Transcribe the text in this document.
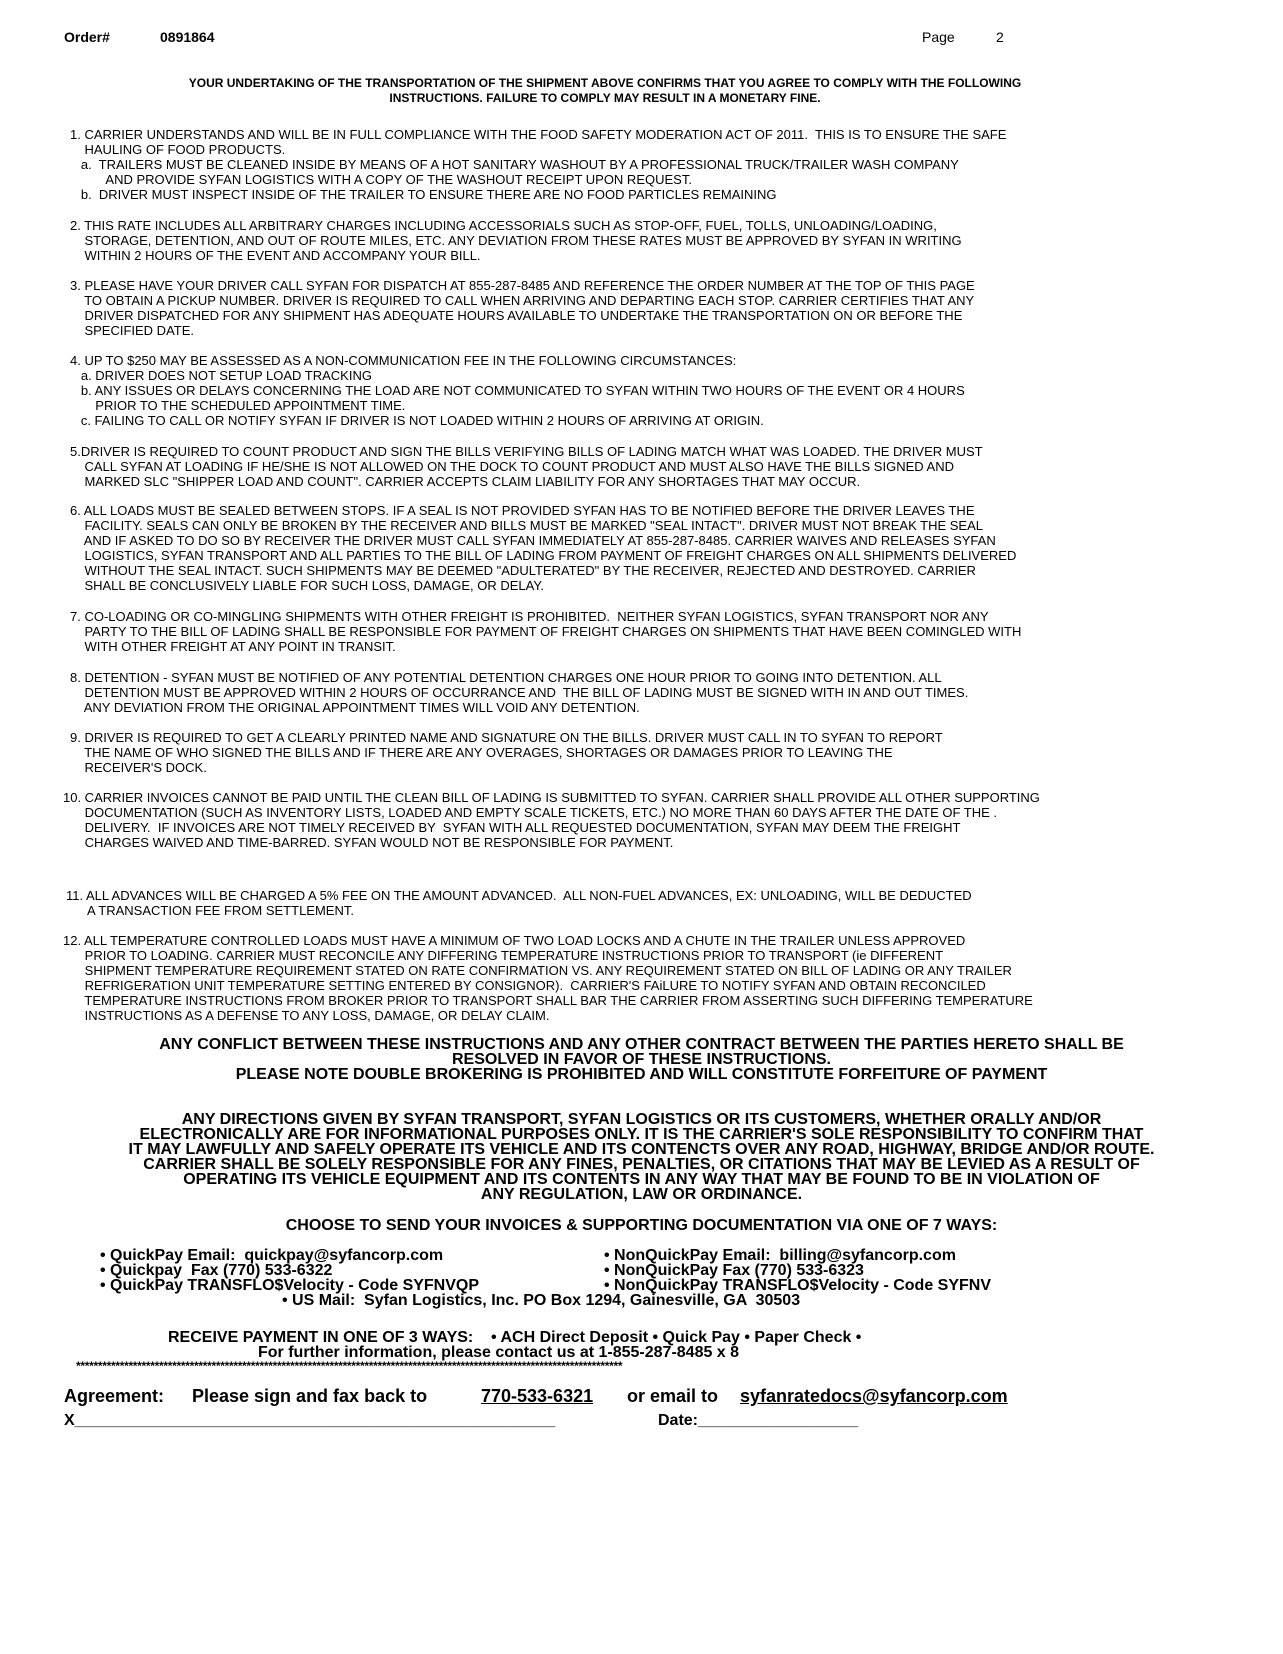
Order#	0891864	Page	2
YOUR UNDERTAKING OF THE TRANSPORTATION OF THE SHIPMENT ABOVE CONFIRMS THAT YOU AGREE TO COMPLY WITH THE FOLLOWING
INSTRUCTIONS. FAILURE TO COMPLY MAY RESULT IN A MONETARY FINE.
1. CARRIER UNDERSTANDS AND WILL BE IN FULL COMPLIANCE WITH THE FOOD SAFETY MODERATION ACT OF 2011.  THIS IS TO ENSURE THE SAFE
HAULING OF FOOD PRODUCTS.
a.  TRAILERS MUST BE CLEANED INSIDE BY MEANS OF A HOT SANITARY WASHOUT BY A PROFESSIONAL TRUCK/TRAILER WASH COMPANY
AND PROVIDE SYFAN LOGISTICS WITH A COPY OF THE WASHOUT RECEIPT UPON REQUEST.
b.  DRIVER MUST INSPECT INSIDE OF THE TRAILER TO ENSURE THERE ARE NO FOOD PARTICLES REMAINING
2. THIS RATE INCLUDES ALL ARBITRARY CHARGES INCLUDING ACCESSORIALS SUCH AS STOP-OFF, FUEL, TOLLS, UNLOADING/LOADING,
STORAGE, DETENTION, AND OUT OF ROUTE MILES, ETC. ANY DEVIATION FROM THESE RATES MUST BE APPROVED BY SYFAN IN WRITING
WITHIN 2 HOURS OF THE EVENT AND ACCOMPANY YOUR BILL.
3. PLEASE HAVE YOUR DRIVER CALL SYFAN FOR DISPATCH AT 855-287-8485 AND REFERENCE THE ORDER NUMBER AT THE TOP OF THIS PAGE
TO OBTAIN A PICKUP NUMBER. DRIVER IS REQUIRED TO CALL WHEN ARRIVING AND DEPARTING EACH STOP. CARRIER CERTIFIES THAT ANY
DRIVER DISPATCHED FOR ANY SHIPMENT HAS ADEQUATE HOURS AVAILABLE TO UNDERTAKE THE TRANSPORTATION ON OR BEFORE THE
SPECIFIED DATE.
4. UP TO $250 MAY BE ASSESSED AS A NON-COMMUNICATION FEE IN THE FOLLOWING CIRCUMSTANCES:
a. DRIVER DOES NOT SETUP LOAD TRACKING
b. ANY ISSUES OR DELAYS CONCERNING THE LOAD ARE NOT COMMUNICATED TO SYFAN WITHIN TWO HOURS OF THE EVENT OR 4 HOURS
PRIOR TO THE SCHEDULED APPOINTMENT TIME.
c. FAILING TO CALL OR NOTIFY SYFAN IF DRIVER IS NOT LOADED WITHIN 2 HOURS OF ARRIVING AT ORIGIN.
5.DRIVER IS REQUIRED TO COUNT PRODUCT AND SIGN THE BILLS VERIFYING BILLS OF LADING MATCH WHAT WAS LOADED. THE DRIVER MUST
CALL SYFAN AT LOADING IF HE/SHE IS NOT ALLOWED ON THE DOCK TO COUNT PRODUCT AND MUST ALSO HAVE THE BILLS SIGNED AND
MARKED SLC "SHIPPER LOAD AND COUNT". CARRIER ACCEPTS CLAIM LIABILITY FOR ANY SHORTAGES THAT MAY OCCUR.
6. ALL LOADS MUST BE SEALED BETWEEN STOPS. IF A SEAL IS NOT PROVIDED SYFAN HAS TO BE NOTIFIED BEFORE THE DRIVER LEAVES THE
FACILITY. SEALS CAN ONLY BE BROKEN BY THE RECEIVER AND BILLS MUST BE MARKED "SEAL INTACT". DRIVER MUST NOT BREAK THE SEAL
AND IF ASKED TO DO SO BY RECEIVER THE DRIVER MUST CALL SYFAN IMMEDIATELY AT 855-287-8485. CARRIER WAIVES AND RELEASES SYFAN
LOGISTICS, SYFAN TRANSPORT AND ALL PARTIES TO THE BILL OF LADING FROM PAYMENT OF FREIGHT CHARGES ON ALL SHIPMENTS DELIVERED
WITHOUT THE SEAL INTACT. SUCH SHIPMENTS MAY BE DEEMED "ADULTERATED" BY THE RECEIVER, REJECTED AND DESTROYED. CARRIER
SHALL BE CONCLUSIVELY LIABLE FOR SUCH LOSS, DAMAGE, OR DELAY.
7. CO-LOADING OR CO-MINGLING SHIPMENTS WITH OTHER FREIGHT IS PROHIBITED.  NEITHER SYFAN LOGISTICS, SYFAN TRANSPORT NOR ANY
PARTY TO THE BILL OF LADING SHALL BE RESPONSIBLE FOR PAYMENT OF FREIGHT CHARGES ON SHIPMENTS THAT HAVE BEEN COMINGLED WITH
WITH OTHER FREIGHT AT ANY POINT IN TRANSIT.
8. DETENTION - SYFAN MUST BE NOTIFIED OF ANY POTENTIAL DETENTION CHARGES ONE HOUR PRIOR TO GOING INTO DETENTION. ALL
DETENTION MUST BE APPROVED WITHIN 2 HOURS OF OCCURRANCE AND  THE BILL OF LADING MUST BE SIGNED WITH IN AND OUT TIMES.
ANY DEVIATION FROM THE ORIGINAL APPOINTMENT TIMES WILL VOID ANY DETENTION.
9. DRIVER IS REQUIRED TO GET A CLEARLY PRINTED NAME AND SIGNATURE ON THE BILLS. DRIVER MUST CALL IN TO SYFAN TO REPORT
THE NAME OF WHO SIGNED THE BILLS AND IF THERE ARE ANY OVERAGES, SHORTAGES OR DAMAGES PRIOR TO LEAVING THE
RECEIVER'S DOCK.
10. CARRIER INVOICES CANNOT BE PAID UNTIL THE CLEAN BILL OF LADING IS SUBMITTED TO SYFAN. CARRIER SHALL PROVIDE ALL OTHER SUPPORTING
DOCUMENTATION (SUCH AS INVENTORY LISTS, LOADED AND EMPTY SCALE TICKETS, ETC.) NO MORE THAN 60 DAYS AFTER THE DATE OF THE .
DELIVERY.  IF INVOICES ARE NOT TIMELY RECEIVED BY  SYFAN WITH ALL REQUESTED DOCUMENTATION, SYFAN MAY DEEM THE FREIGHT
CHARGES WAIVED AND TIME-BARRED. SYFAN WOULD NOT BE RESPONSIBLE FOR PAYMENT.
11. ALL ADVANCES WILL BE CHARGED A 5% FEE ON THE AMOUNT ADVANCED.  ALL NON-FUEL ADVANCES, EX: UNLOADING, WILL BE DEDUCTED
A TRANSACTION FEE FROM SETTLEMENT.
12. ALL TEMPERATURE CONTROLLED LOADS MUST HAVE A MINIMUM OF TWO LOAD LOCKS AND A CHUTE IN THE TRAILER UNLESS APPROVED
PRIOR TO LOADING. CARRIER MUST RECONCILE ANY DIFFERING TEMPERATURE INSTRUCTIONS PRIOR TO TRANSPORT (ie DIFFERENT
SHIPMENT TEMPERATURE REQUIREMENT STATED ON RATE CONFIRMATION VS. ANY REQUIREMENT STATED ON BILL OF LADING OR ANY TRAILER
REFRIGERATION UNIT TEMPERATURE SETTING ENTERED BY CONSIGNOR).  CARRIER'S FAiLURE TO NOTIFY SYFAN AND OBTAIN RECONCILED
TEMPERATURE INSTRUCTIONS FROM BROKER PRIOR TO TRANSPORT SHALL BAR THE CARRIER FROM ASSERTING SUCH DIFFERING TEMPERATURE
INSTRUCTIONS AS A DEFENSE TO ANY LOSS, DAMAGE, OR DELAY CLAIM.
ANY CONFLICT BETWEEN THESE INSTRUCTIONS AND ANY OTHER CONTRACT BETWEEN THE PARTIES HERETO SHALL BE
RESOLVED IN FAVOR OF THESE INSTRUCTIONS.
PLEASE NOTE DOUBLE BROKERING IS PROHIBITED AND WILL CONSTITUTE FORFEITURE OF PAYMENT
ANY DIRECTIONS GIVEN BY SYFAN TRANSPORT, SYFAN LOGISTICS OR ITS CUSTOMERS, WHETHER ORALLY AND/OR
ELECTRONICALLY ARE FOR INFORMATIONAL PURPOSES ONLY. IT IS THE CARRIER'S SOLE RESPONSIBILITY TO CONFIRM THAT
IT MAY LAWFULLY AND SAFELY OPERATE ITS VEHICLE AND ITS CONTENCTS OVER ANY ROAD, HIGHWAY, BRIDGE AND/OR ROUTE.
CARRIER SHALL BE SOLELY RESPONSIBLE FOR ANY FINES, PENALTIES, OR CITATIONS THAT MAY BE LEVIED AS A RESULT OF
OPERATING ITS VEHICLE EQUIPMENT AND ITS CONTENTS IN ANY WAY THAT MAY BE FOUND TO BE IN VIOLATION OF
ANY REGULATION, LAW OR ORDINANCE.
CHOOSE TO SEND YOUR INVOICES & SUPPORTING DOCUMENTATION VIA ONE OF 7 WAYS:
• QuickPay Email:  quickpay@syfancorp.com
• Quickpay  Fax (770) 533-6322
• QuickPay TRANSFLO$Velocity - Code SYFNVQP
• NonQuickPay Email:  billing@syfancorp.com
• NonQuickPay Fax (770) 533-6323
• NonQuickPay TRANSFLO$Velocity - Code SYFNV
• US Mail:  Syfan Logistics, Inc. PO Box 1294, Gainesville, GA  30503
RECEIVE PAYMENT IN ONE OF 3 WAYS:    • ACH Direct Deposit • Quick Pay • Paper Check •
For further information, please contact us at 1-855-287-8485 x 8
*****************************************************************************************************************************
Agreement: Please sign and fax back to	770-533-6321 or email to syfanratedocs@syfancorp.com
X______________________________________________________	Date:__________________
